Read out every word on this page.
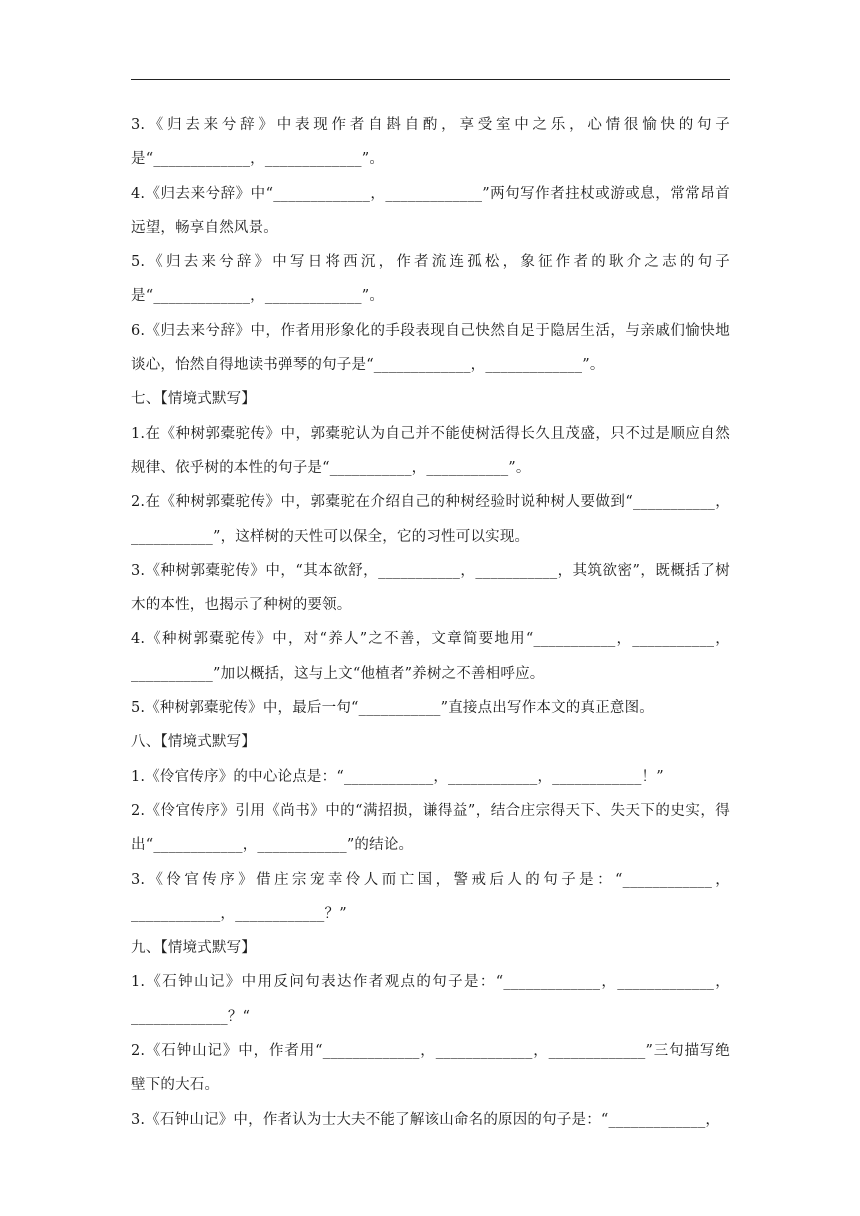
3.《归去来兮辞》中表现作者自斟自酌，享受室中之乐，心情很愉快的句子是“_____________，_____________”。

4.《归去来兮辞》中“_____________，_____________”两句写作者拄杖或游或息，常常昂首远望，畅享自然风景。

5.《归去来兮辞》中写日将西沉，作者流连孤松，象征作者的耿介之志的句子是“_____________，_____________”。

6.《归去来兮辞》中，作者用形象化的手段表现自己快然自足于隐居生活，与亲戚们愉快地谈心，怡然自得地读书弹琴的句子是“_____________，_____________”。

七、【情境式默写】

1.在《种树郭橐驼传》中，郭橐驼认为自己并不能使树活得长久且茂盛，只不过是顺应自然规律、依乎树的本性的句子是“___________，___________”。

2.在《种树郭橐驼传》中，郭橐驼在介绍自己的种树经验时说种树人要做到“___________，___________”，这样树的天性可以保全，它的习性可以实现。

3.《种树郭橐驼传》中，“其本欲舒，___________，___________，其筑欲密”，既概括了树木的本性，也揭示了种树的要领。

4.《种树郭橐驼传》中，对“养人”之不善，文章简要地用“___________，___________，___________”加以概括，这与上文“他植者”养树之不善相呼应。

5.《种树郭橐驼传》中，最后一句“___________”直接点出写作本文的真正意图。

八、【情境式默写】

1.《伶官传序》的中心论点是：“____________，____________，____________！”

2.《伶官传序》引用《尚书》中的“满招损，谦得益”，结合庄宗得天下、失天下的史实，得出“____________，____________”的结论。

3.《伶官传序》借庄宗宠幸伶人而亡国，警戒后人的句子是：“____________，____________，____________？”

九、【情境式默写】

1.《石钟山记》中用反问句表达作者观点的句子是：“_____________，_____________，_____________？“

2.《石钟山记》中，作者用“_____________，_____________，_____________”三句描写绝壁下的大石。

3.《石钟山记》中，作者认为士大夫不能了解该山命名的原因的句子是：“_____________，
